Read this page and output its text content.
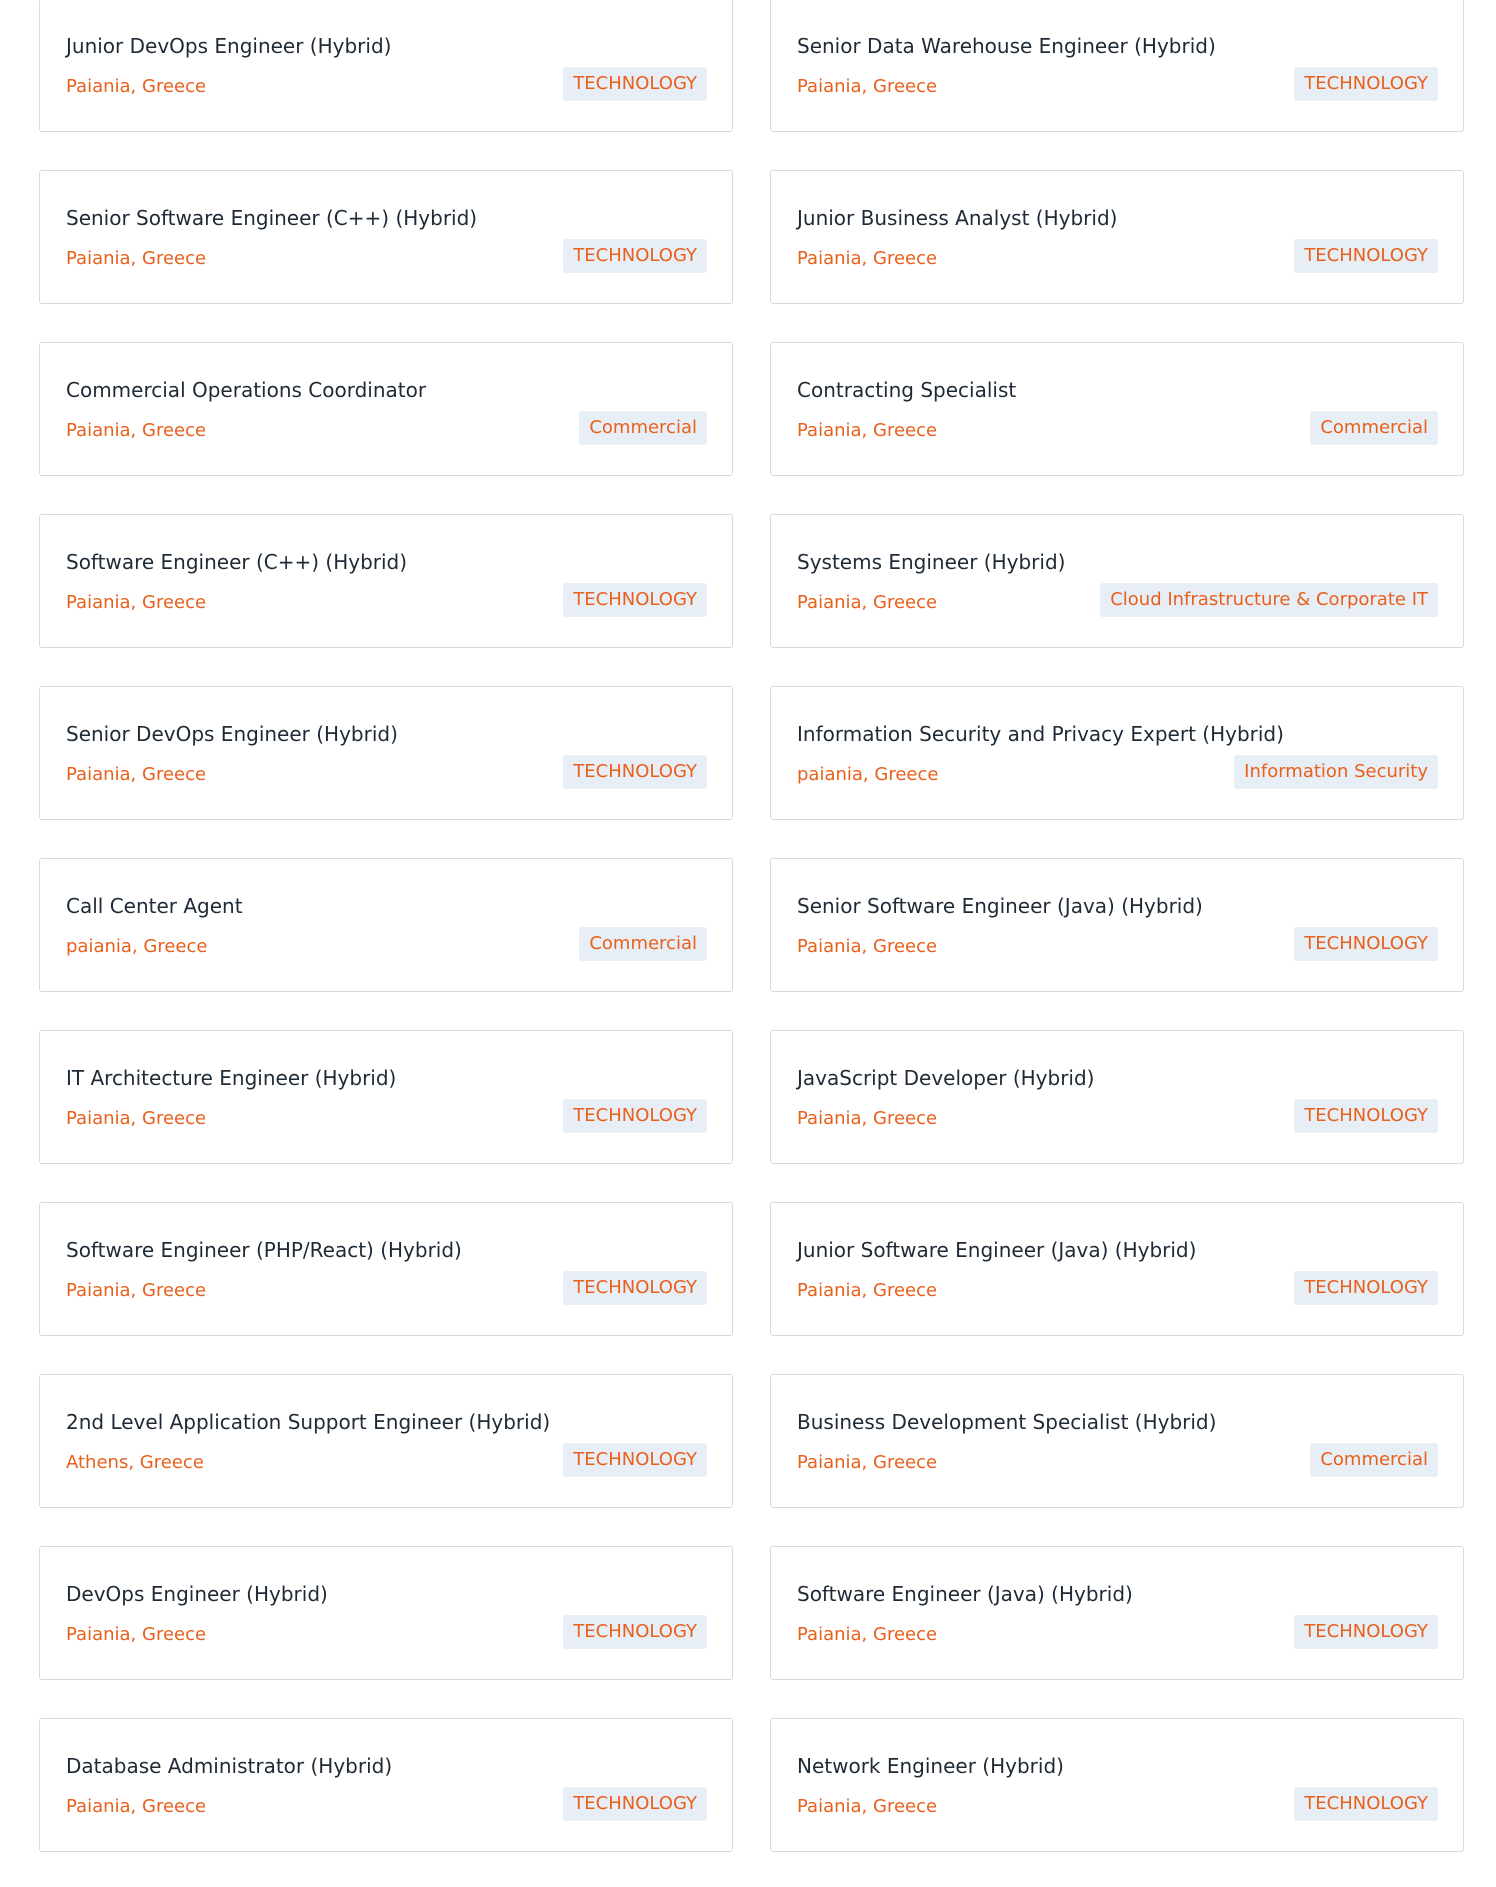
Junior DevOps Engineer (Hybrid)
Paiania, Greece	TECHNOLOGY
Senior Data Warehouse Engineer (Hybrid)
Paiania, Greece	TECHNOLOGY
Senior Software Engineer (C++) (Hybrid)
Paiania, Greece	TECHNOLOGY
Junior Business Analyst (Hybrid)
Paiania, Greece	TECHNOLOGY
Commercial Operations Coordinator
Paiania, Greece	Commercial
Contracting Specialist
Paiania, Greece	Commercial
Software Engineer (C++) (Hybrid)
Paiania, Greece	TECHNOLOGY
Systems Engineer (Hybrid)
Paiania, Greece	Cloud Infrastructure & Corporate IT
Senior DevOps Engineer (Hybrid)
Paiania, Greece	TECHNOLOGY
Information Security and Privacy Expert (Hybrid)
paiania, Greece	Information Security
Call Center Agent
paiania, Greece	Commercial
Senior Software Engineer (Java) (Hybrid)
Paiania, Greece	TECHNOLOGY
IT Architecture Engineer (Hybrid)
Paiania, Greece	TECHNOLOGY
JavaScript Developer (Hybrid)
Paiania, Greece	TECHNOLOGY
Software Engineer (PHP/React) (Hybrid)
Paiania, Greece	TECHNOLOGY
Junior Software Engineer (Java) (Hybrid)
Paiania, Greece	TECHNOLOGY
2nd Level Application Support Engineer (Hybrid)
Athens, Greece	TECHNOLOGY
Business Development Specialist (Hybrid)
Paiania, Greece	Commercial
DevOps Engineer (Hybrid)
Paiania, Greece	TECHNOLOGY
Software Engineer (Java) (Hybrid)
Paiania, Greece	TECHNOLOGY
Database Administrator (Hybrid)
Paiania, Greece	TECHNOLOGY
Network Engineer (Hybrid)
Paiania, Greece	TECHNOLOGY
